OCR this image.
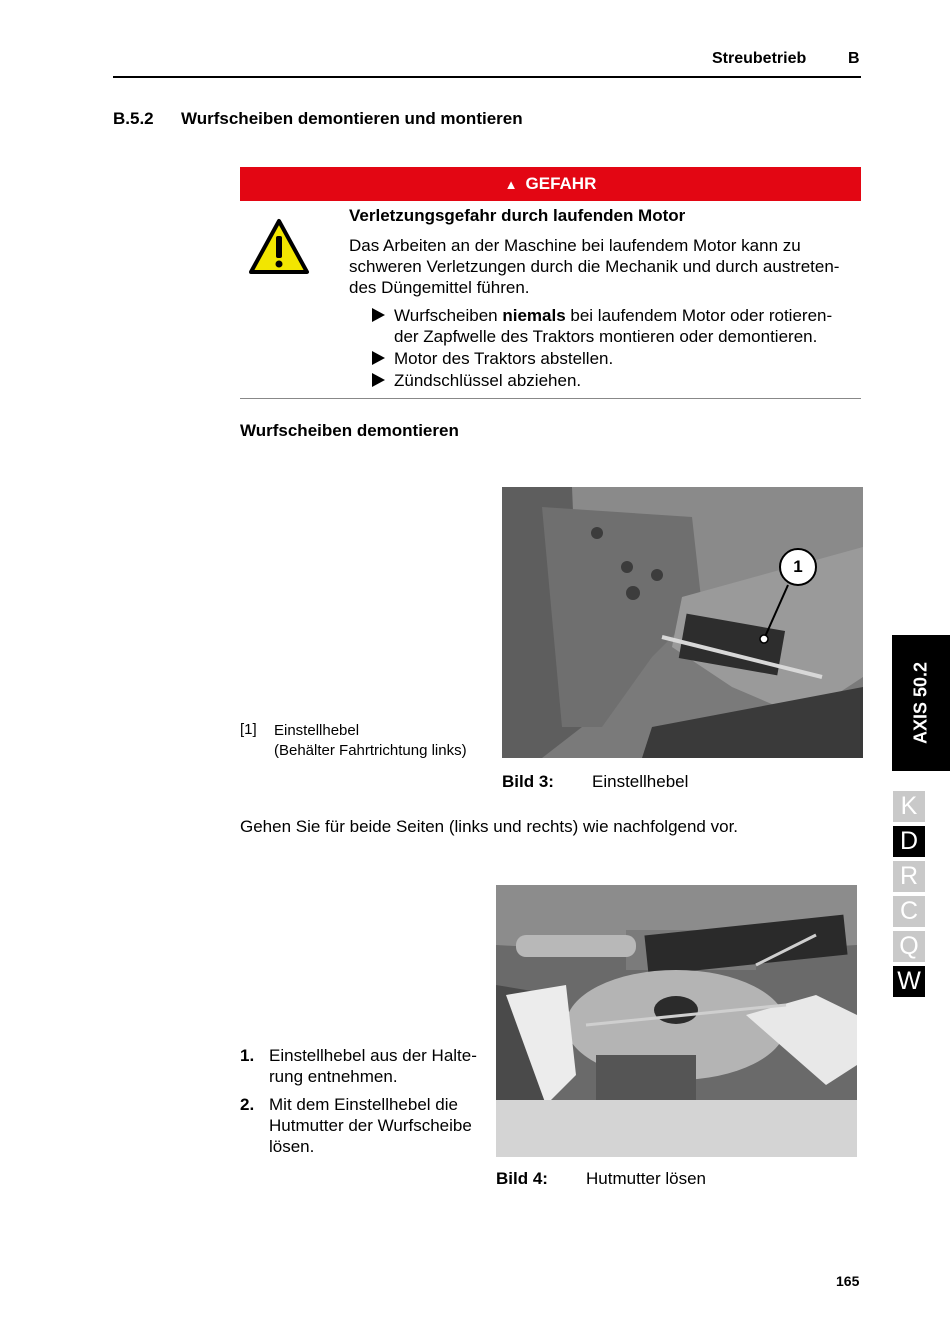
Streubetrieb	B
B.5.2 Wurfscheiben demontieren und montieren
▲ GEFAHR
Verletzungsgefahr durch laufenden Motor
Das Arbeiten an der Maschine bei laufendem Motor kann zu
schweren Verletzungen durch die Mechanik und durch austreten-
des Düngemittel führen.
Wurfscheiben niemals bei laufendem Motor oder rotieren-
der Zapfwelle des Traktors montieren oder demontieren.
Motor des Traktors abstellen.
Zündschlüssel abziehen.
Wurfscheiben demontieren
1
[1] Einstellhebel
(Behälter Fahrtrichtung links)
Bild 3: Einstellhebel
Gehen Sie für beide Seiten (links und rechts) wie nachfolgend vor.
1. Einstellhebel aus der Halte-
rung entnehmen.
2. Mit dem Einstellhebel die
Hutmutter der Wurfscheibe
lösen.
Bild 4: Hutmutter lösen
AXIS 50.2
K
D
R
C
Q
W
165
